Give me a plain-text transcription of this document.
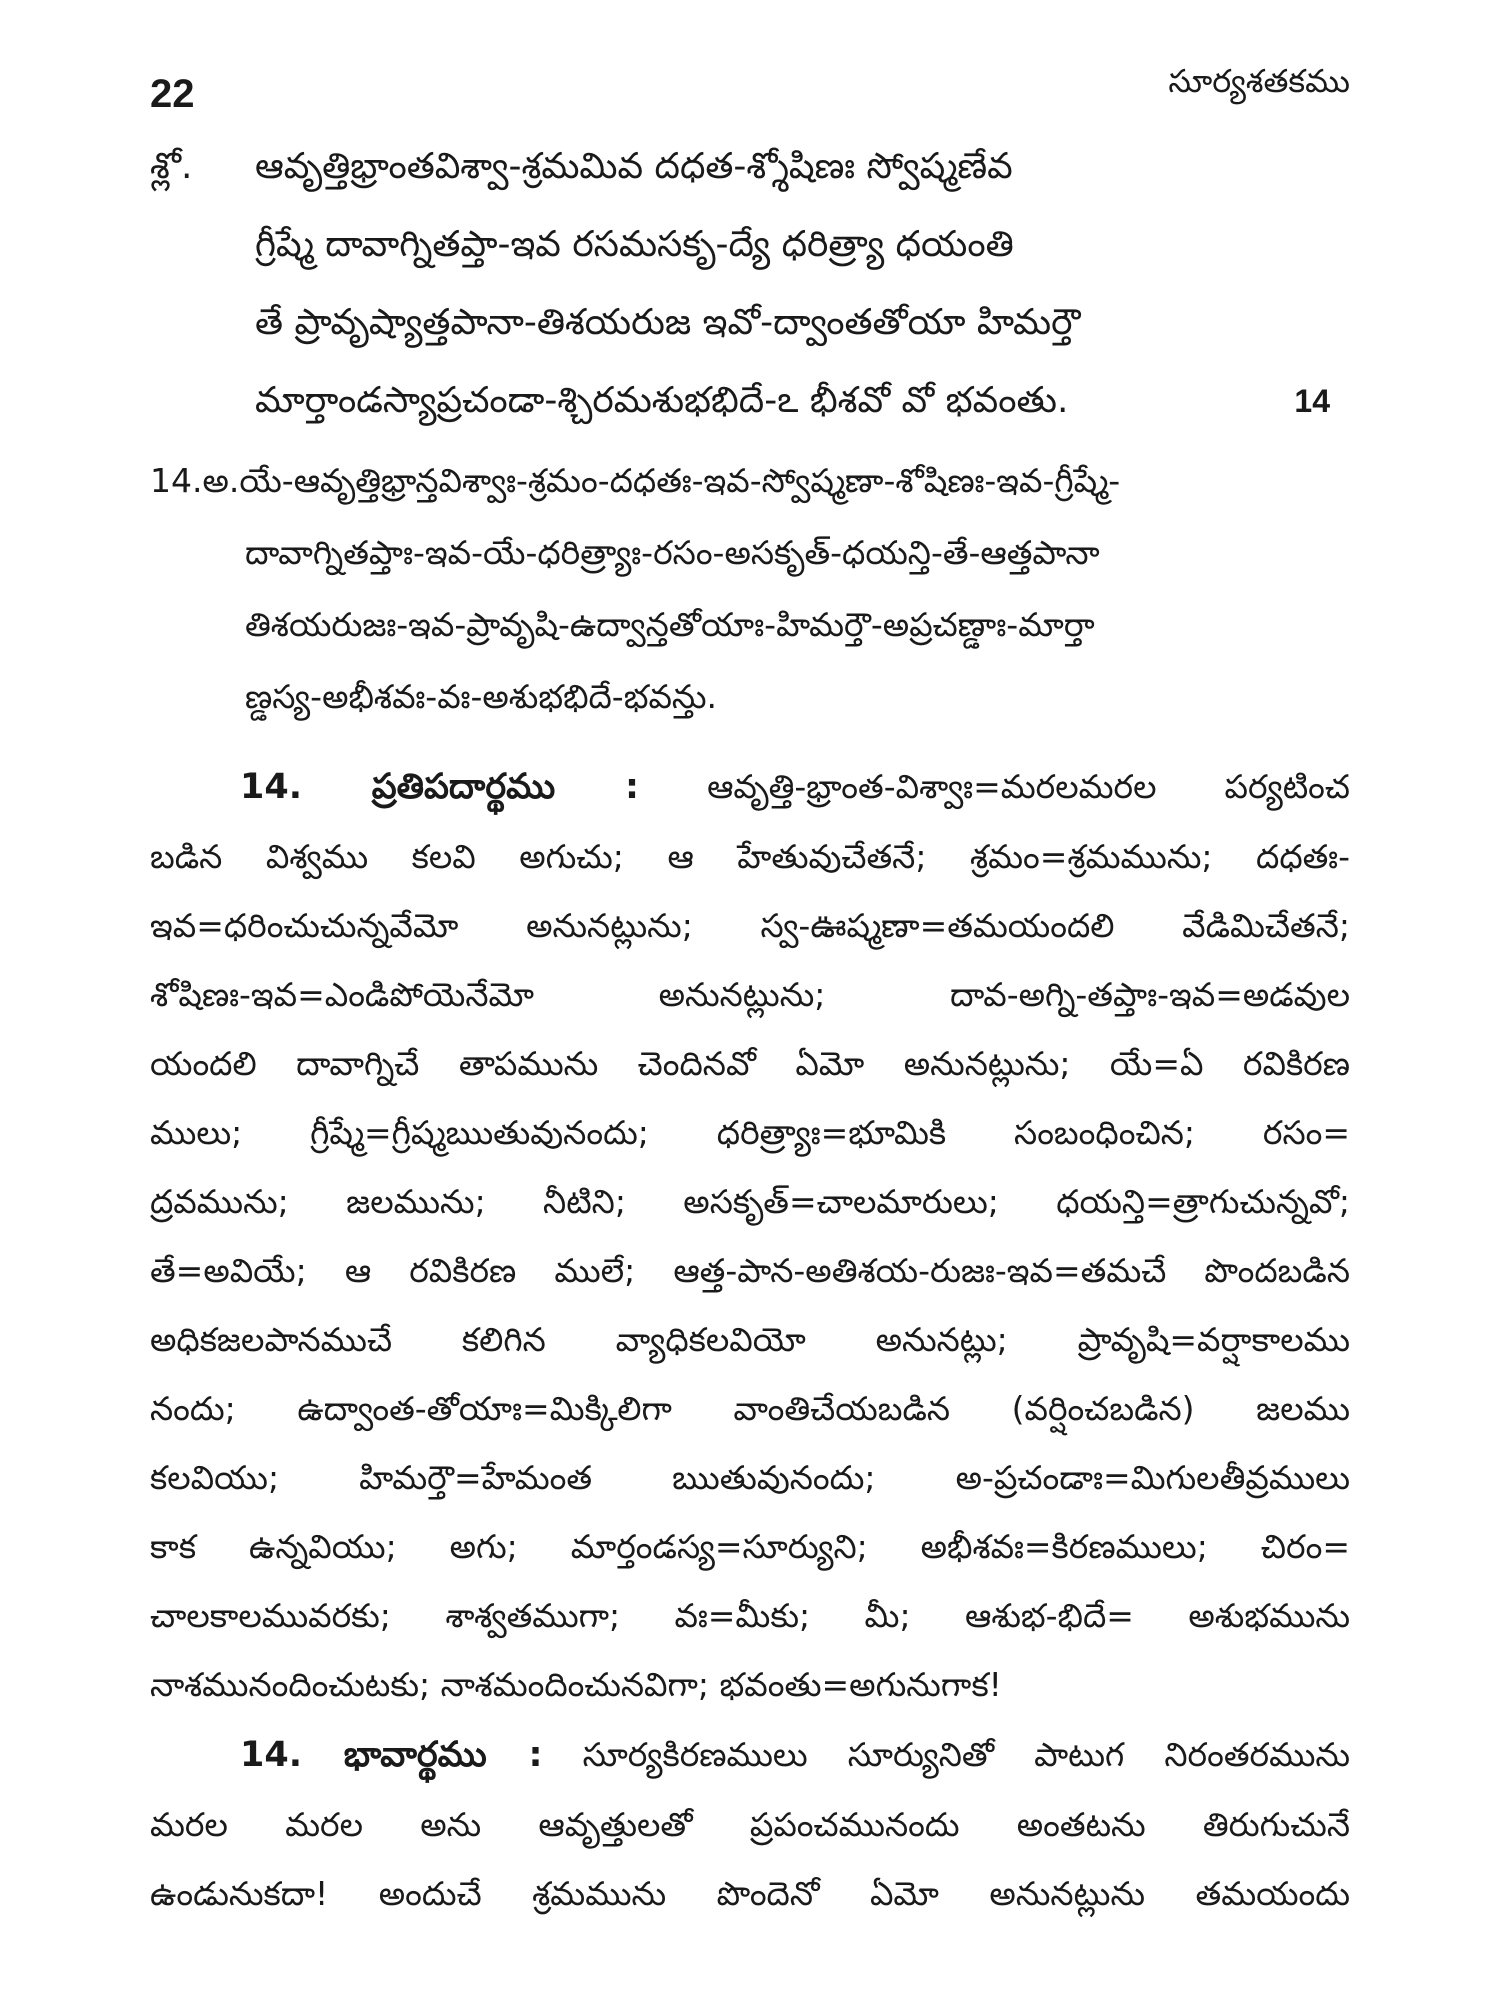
22	సూర్యశతకము
శ్లో. ఆవృత్తిభ్రాంతవిశ్వా-శ్రమమివ దధత-శ్శోషిణః స్వోష్మణేవ
గ్రీష్మే దావాగ్నితప్తా-ఇవ రసమసకృ-ద్యే ధరిత్ర్యా ధయంతి
తే ప్రావృష్యాత్తపానా-తిశయరుజ ఇవో-ద్వాంతతోయా హిమర్తౌ
మార్తాండస్యాప్రచండా-శ్చిరమశుభభిదే-ఽ భీశవో వో భవంతు.	14
14.అ.యే-ఆవృత్తిభ్రాన్తవిశ్వాః-శ్రమం-దధతః-ఇవ-స్వోష్మణా-శోషిణః-ఇవ-గ్రీష్మే-
దావాగ్నితప్తాః-ఇవ-యే-ధరిత్ర్యాః-రసం-అసకృత్-ధయన్తి-తే-ఆత్తపానా
తిశయరుజః-ఇవ-ప్రావృషి-ఉద్వాన్తతోయాః-హిమర్తౌ-అప్రచణ్డాః-మార్తా
ణ్డస్య-అభీశవః-వః-అశుభభిదే-భవన్తు.
14. ప్రతిపదార్థము : ఆవృత్తి-భ్రాంత-విశ్వాః=మరలమరల పర్యటించ
బడిన విశ్వము కలవి అగుచు; ఆ హేతువుచేతనే; శ్రమం=శ్రమమును; దధతః-
ఇవ=ధరించుచున్నవేమో అనునట్లును; స్వ-ఊష్మణా=తమయందలి వేడిమిచేతనే;
శోషిణః-ఇవ=ఎండిపోయెనేమో అనునట్లును; దావ-అగ్ని-తప్తాః-ఇవ=అడవుల
యందలి దావాగ్నిచే తాపమును చెందినవో ఏమో అనునట్లును; యే=ఏ రవికిరణ
ములు; గ్రీష్మే=గ్రీష్మఋతువునందు; ధరిత్ర్యాః=భూమికి సంబంధించిన; రసం=
ద్రవమును; జలమును; నీటిని; అసకృత్=చాలమారులు; ధయన్తి=త్రాగుచున్నవో;
తే=అవియే; ఆ రవికిరణ ములే; ఆత్త-పాన-అతిశయ-రుజః-ఇవ=తమచే పొందబడిన
అధికజలపానముచే కలిగిన వ్యాధికలవియో అనునట్లు; ప్రావృషి=వర్షాకాలము
నందు; ఉద్వాంత-తోయాః=మిక్కిలిగా వాంతిచేయబడిన (వర్షించబడిన) జలము
కలవియు; హిమర్తౌ=హేమంత ఋతువునందు; అ-ప్రచండాః=మిగులతీవ్రములు
కాక ఉన్నవియు; అగు; మార్తండస్య=సూర్యుని; అభీశవః=కిరణములు; చిరం=
చాలకాలమువరకు; శాశ్వతముగా; వః=మీకు; మీ; ఆశుభ-భిదే= అశుభమును
నాశమునందించుటకు; నాశమందించునవిగా; భవంతు=అగునుగాక!
14. భావార్థము : సూర్యకిరణములు సూర్యునితో పాటుగ నిరంతరమును
మరల మరల అను ఆవృత్తులతో ప్రపంచమునందు అంతటను తిరుగుచునే
ఉండునుకదా! అందుచే శ్రమమును పొందెనో ఏమో అనునట్లును తమయందు
